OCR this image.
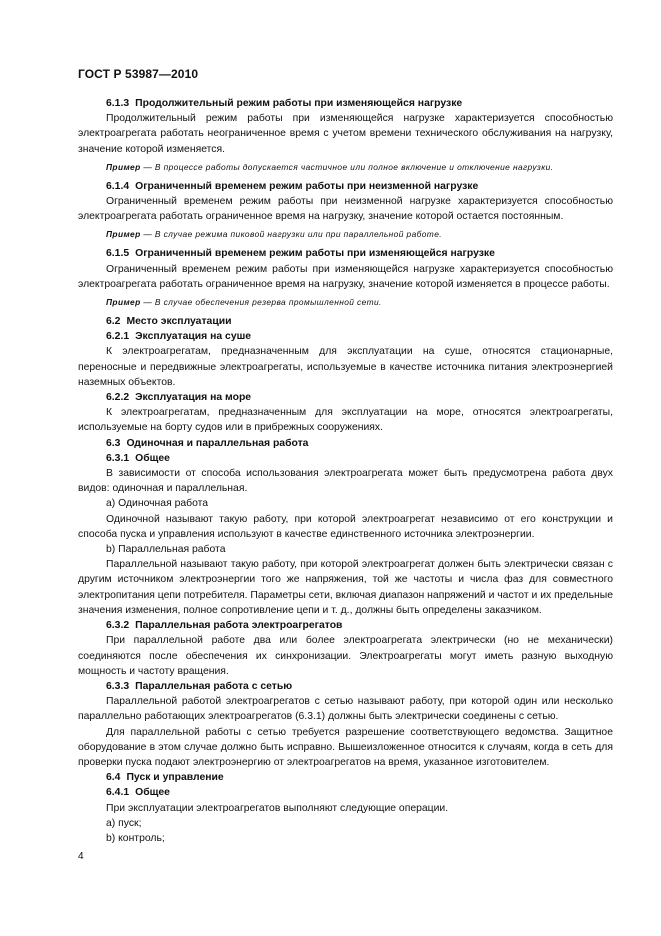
ГОСТ Р 53987—2010

6.1.3 Продолжительный режим работы при изменяющейся нагрузке

Продолжительный режим работы при изменяющейся нагрузке характеризуется способностью электроагрегата работать неограниченное время с учетом времени технического обслуживания на нагрузку, значение которой изменяется.

Пример — В процессе работы допускается частичное или полное включение и отключение нагрузки.

6.1.4 Ограниченный временем режим работы при неизменной нагрузке

Ограниченный временем режим работы при неизменной нагрузке характеризуется способностью электроагрегата работать ограниченное время на нагрузку, значение которой остается постоянным.

Пример — В случае режима пиковой нагрузки или при параллельной работе.

6.1.5 Ограниченный временем режим работы при изменяющейся нагрузке

Ограниченный временем режим работы при изменяющейся нагрузке характеризуется способностью электроагрегата работать ограниченное время на нагрузку, значение которой изменяется в процессе работы.

Пример — В случае обеспечения резерва промышленной сети.

6.2 Место эксплуатации

6.2.1 Эксплуатация на суше

К электроагрегатам, предназначенным для эксплуатации на суше, относятся стационарные, переносные и передвижные электроагрегаты, используемые в качестве источника питания электроэнергией наземных объектов.

6.2.2 Эксплуатация на море

К электроагрегатам, предназначенным для эксплуатации на море, относятся электроагрегаты, используемые на борту судов или в прибрежных сооружениях.

6.3 Одиночная и параллельная работа

6.3.1 Общее

В зависимости от способа использования электроагрегата может быть предусмотрена работа двух видов: одиночная и параллельная.

a) Одиночная работа

Одиночной называют такую работу, при которой электроагрегат независимо от его конструкции и способа пуска и управления используют в качестве единственного источника электроэнергии.

b) Параллельная работа

Параллельной называют такую работу, при которой электроагрегат должен быть электрически связан с другим источником электроэнергии того же напряжения, той же частоты и числа фаз для совместного электропитания цепи потребителя. Параметры сети, включая диапазон напряжений и частот и их предельные значения изменения, полное сопротивление цепи и т. д., должны быть определены заказчиком.

6.3.2 Параллельная работа электроагрегатов

При параллельной работе два или более электроагрегата электрически (но не механически) соединяются после обеспечения их синхронизации. Электроагрегаты могут иметь разную выходную мощность и частоту вращения.

6.3.3 Параллельная работа с сетью

Параллельной работой электроагрегатов с сетью называют работу, при которой один или несколько параллельно работающих электроагрегатов (6.3.1) должны быть электрически соединены с сетью.

Для параллельной работы с сетью требуется разрешение соответствующего ведомства. Защитное оборудование в этом случае должно быть исправно. Вышеизложенное относится к случаям, когда в сеть для проверки пуска подают электроэнергию от электроагрегатов на время, указанное изготовителем.

6.4 Пуск и управление

6.4.1 Общее

При эксплуатации электроагрегатов выполняют следующие операции.

a) пуск;

b) контроль;

4
